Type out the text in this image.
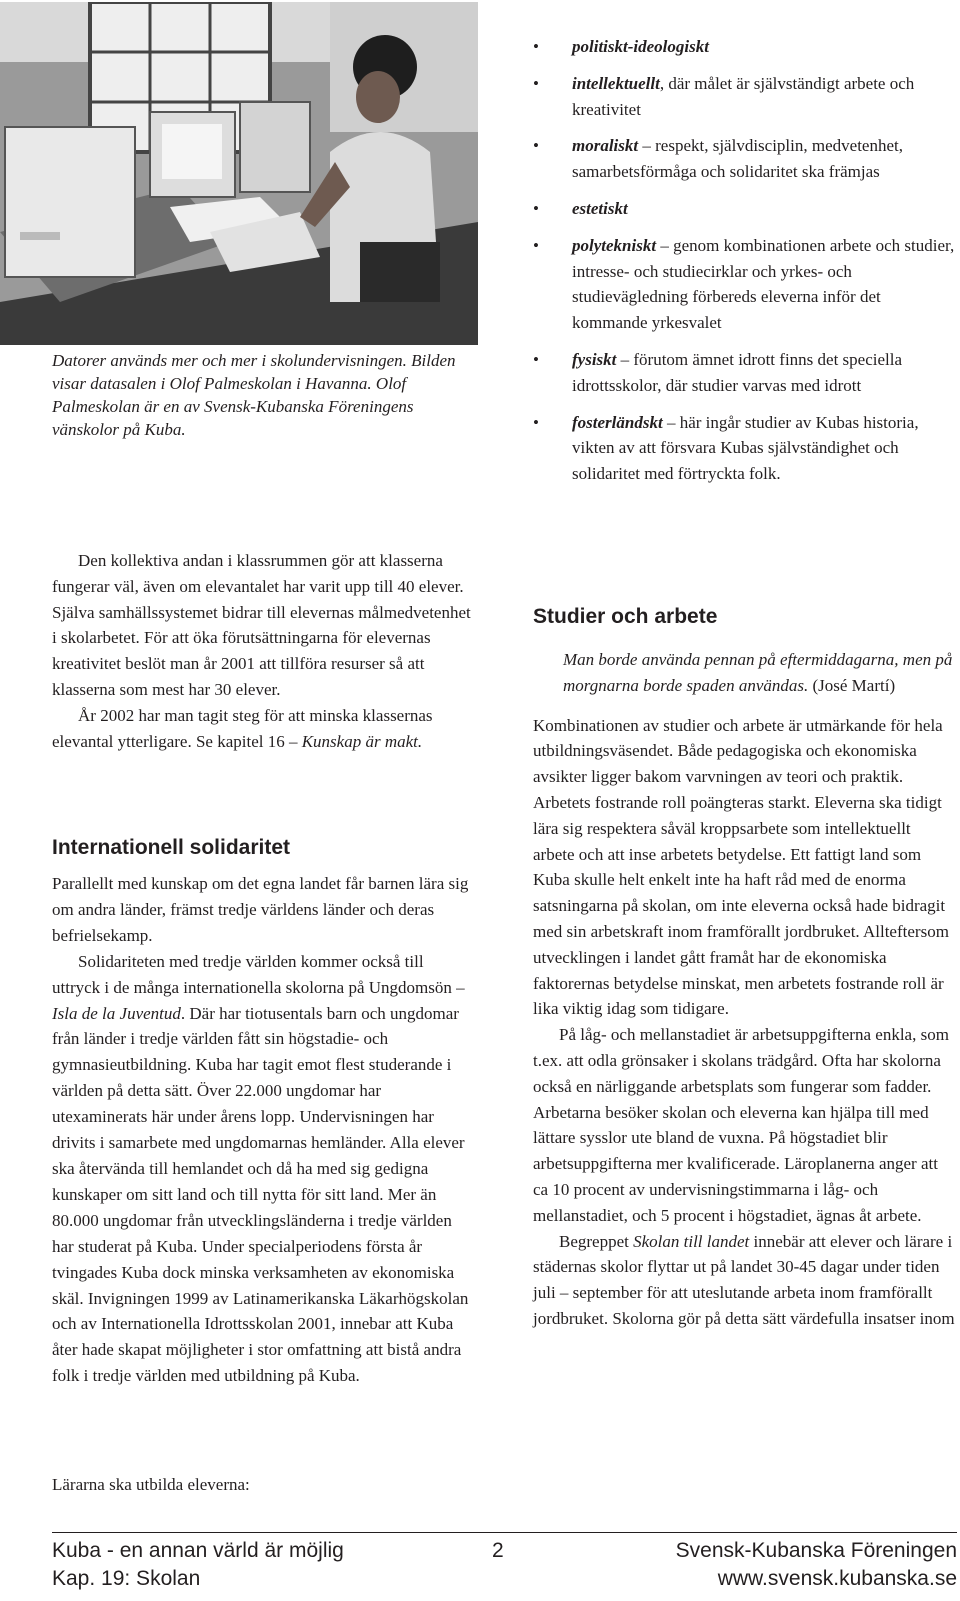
Datorer används mer och mer i skolundervisningen. Bilden visar datasalen i Olof Palmeskolan i Havanna. Olof Palmeskolan är en av Svensk-Kubanska Föreningens vänskolor på Kuba.

Den kollektiva andan i klassrummen gör att klasserna fungerar väl, även om elevantalet har varit upp till 40 elever. Själva samhällssystemet bidrar till elevernas målmedvetenhet i skolarbetet. För att öka förutsättningarna för elevernas kreativitet beslöt man år 2001 att tillföra resurser så att klasserna som mest har 30 elever.

År 2002 har man tagit steg för att minska klassernas elevantal ytterligare. Se kapitel 16 – Kunskap är makt.

Internationell solidaritet

Parallellt med kunskap om det egna landet får barnen lära sig om andra länder, främst tredje världens länder och deras befrielsekamp.

Solidariteten med tredje världen kommer också till uttryck i de många internationella skolorna på Ungdomsön – Isla de la Juventud. Där har tiotusentals barn och ungdomar från länder i tredje världen fått sin högstadie- och gymnasieutbildning. Kuba har tagit emot flest studerande i världen på detta sätt. Över 22.000 ungdomar har utexaminerats här under årens lopp. Undervisningen har drivits i samarbete med ungdomarnas hemländer. Alla elever ska återvända till hemlandet och då ha med sig gedigna kunskaper om sitt land och till nytta för sitt land. Mer än 80.000 ungdomar från utvecklingsländerna i tredje världen har studerat på Kuba. Under specialperiodens första år tvingades Kuba dock minska verksamheten av ekonomiska skäl. Invigningen 1999 av Latinamerikanska Läkarhögskolan och av Internationella Idrottsskolan 2001, innebar att Kuba åter hade skapat möjligheter i stor omfattning att bistå andra folk i tredje världen med utbildning på Kuba.

Lärarna ska utbilda eleverna:
• politiskt-ideologiskt
• intellektuellt, där målet är självständigt arbete och kreativitet
• moraliskt – respekt, självdisciplin, medvetenhet, samarbetsförmåga och solidaritet ska främjas
• estetiskt
• polytekniskt – genom kombinationen arbete och studier, intresse- och studiecirklar och yrkes- och studievägledning förbereds eleverna inför det kommande yrkesvalet
• fysiskt – förutom ämnet idrott finns det speciella idrottsskolor, där studier varvas med idrott
• fosterländskt – här ingår studier av Kubas historia, vikten av att försvara Kubas självständighet och solidaritet med förtryckta folk.
Studier och arbete

Man borde använda pennan på eftermiddagarna, men på morgnarna borde spaden användas. (José Martí)

Kombinationen av studier och arbete är utmärkande för hela utbildningsväsendet. Både pedagogiska och ekonomiska avsikter ligger bakom varvningen av teori och praktik. Arbetets fostrande roll poängteras starkt. Eleverna ska tidigt lära sig respektera såväl kroppsarbete som intellektuellt arbete och att inse arbetets betydelse. Ett fattigt land som Kuba skulle helt enkelt inte ha haft råd med de enorma satsningarna på skolan, om inte eleverna också hade bidragit med sin arbetskraft inom framförallt jordbruket. Allteftersom utvecklingen i landet gått framåt har de ekonomiska faktorernas betydelse minskat, men arbetets fostrande roll är lika viktig idag som tidigare.

På låg- och mellanstadiet är arbetsuppgifterna enkla, som t.ex. att odla grönsaker i skolans trädgård. Ofta har skolorna också en närliggande arbetsplats som fungerar som fadder. Arbetarna besöker skolan och eleverna kan hjälpa till med lättare sysslor ute bland de vuxna. På högstadiet blir arbetsuppgifterna mer kvalificerade. Läroplanerna anger att ca 10 procent av undervisningstimmarna i låg- och mellanstadiet, och 5 procent i högstadiet, ägnas åt arbete.

Begreppet Skolan till landet innebär att elever och lärare i städernas skolor flyttar ut på landet 30-45 dagar under tiden juli – september för att uteslutande arbeta inom framförallt jordbruket. Skolorna gör på detta sätt värdefulla insatser inom

Kuba - en annan värld är möjlig
Kap. 19: Skolan
2	Svensk-Kubanska Föreningen
www.svensk.kubanska.se
